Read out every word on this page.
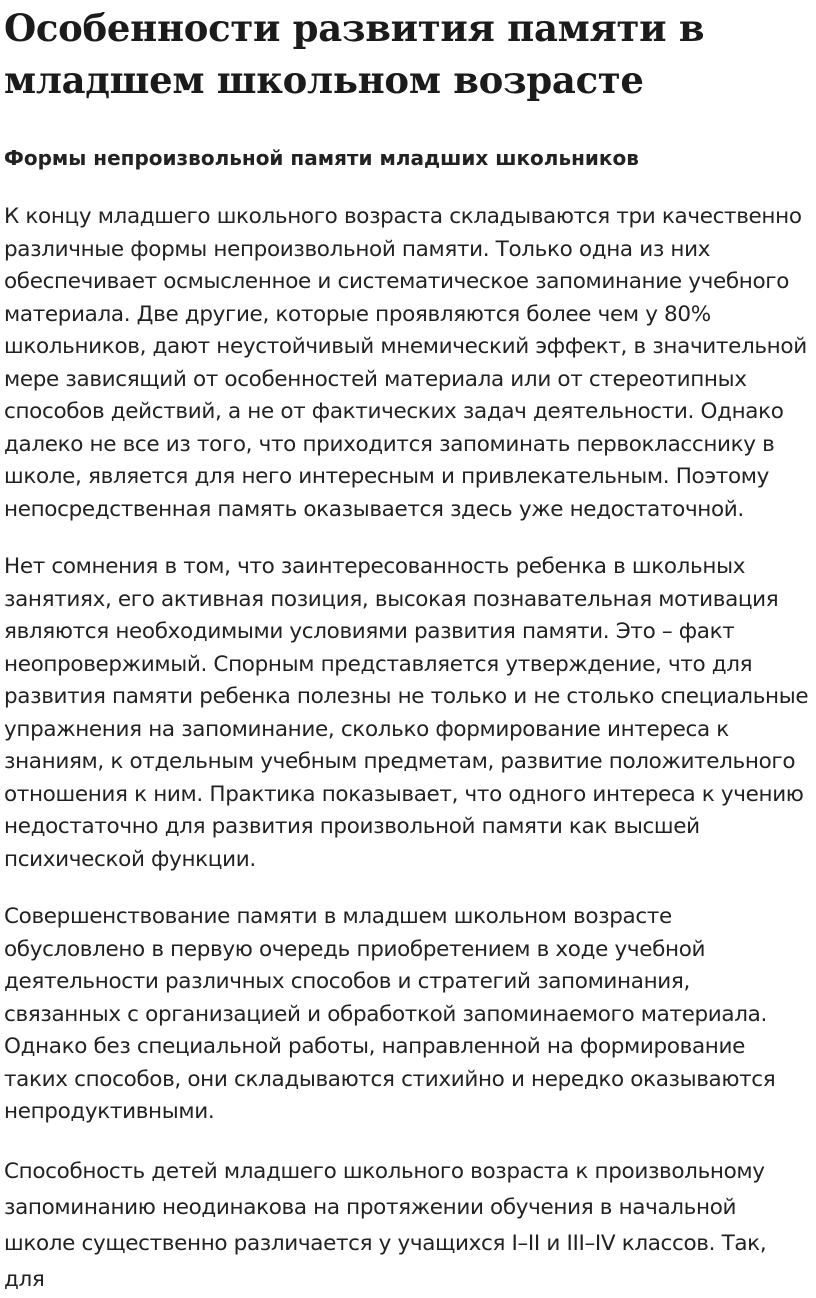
Особенности развития памяти в младшем школьном возрасте
Формы непроизвольной памяти младших школьников

К концу младшего школьного возраста складываются три качественно различные формы непроизвольной памяти. Только одна из них обеспечивает осмысленное и систематическое запоминание учебного материала. Две другие, которые проявляются более чем у 80% школьников, дают неустойчивый мнемический эффект, в значительной мере зависящий от особенностей материала или от стереотипных способов действий, а не от фактических задач деятельности. Однако далеко не все из того, что приходится запоминать первокласснику в школе, является для него интересным и привлекательным. Поэтому непосредственная память оказывается здесь уже недостаточной.

Нет сомнения в том, что заинтересованность ребенка в школьных занятиях, его активная позиция, высокая познавательная мотивация являются необходимыми условиями развития памяти. Это – факт неопровержимый. Спорным представляется утверждение, что для развития памяти ребенка полезны не только и не столько специальные упражнения на запоминание, сколько формирование интереса к знаниям, к отдельным учебным предметам, развитие положительного отношения к ним. Практика показывает, что одного интереса к учению недостаточно для развития произвольной памяти как высшей психической функции.

Совершенствование памяти в младшем школьном возрасте обусловлено в первую очередь приобретением в ходе учебной деятельности различных способов и стратегий запоминания, связанных с организацией и обработкой запоминаемого материала. Однако без специальной работы, направленной на формирование таких способов, они складываются стихийно и нередко оказываются непродуктивными.

Способность детей младшего школьного возраста к произвольному запоминанию неодинакова на протяжении обучения в начальной школе существенно различается у учащихся I–II и III–IV классов. Так, для
